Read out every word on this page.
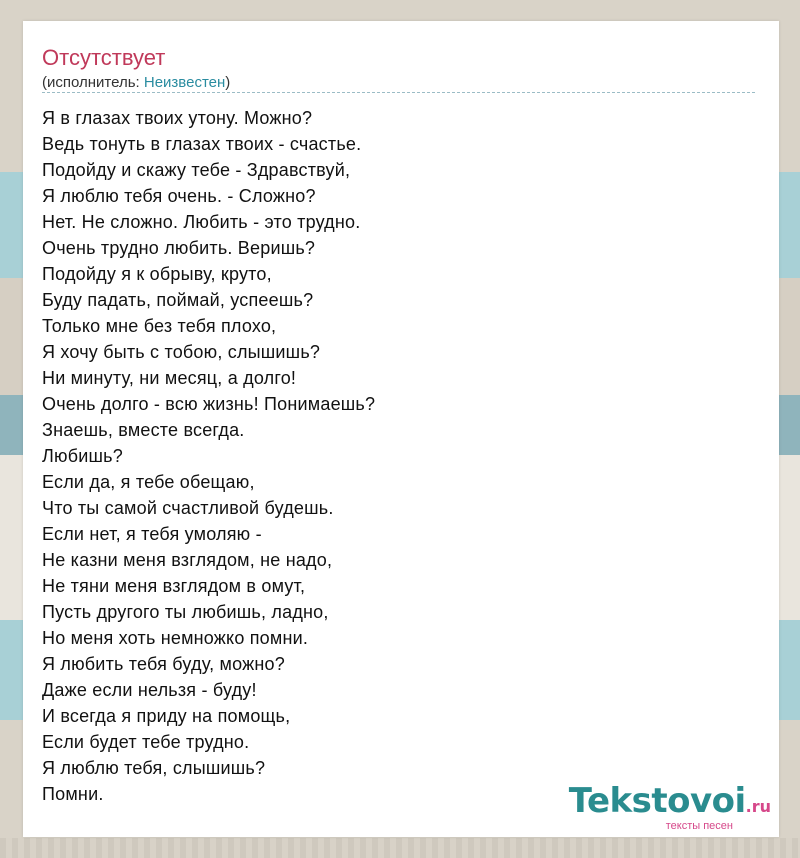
Отсутствует
(исполнитель: Неизвестен)
Я в глазах твоих утону. Можно?
Ведь тонуть в глазах твоих - счастье.
Подойду и скажу тебе - Здравствуй,
Я люблю тебя очень. - Сложно?
Нет. Не сложно. Любить - это трудно.
Очень трудно любить. Веришь?
Подойду я к обрыву, круто,
Буду падать, поймай, успеешь?
Только мне без тебя плохо,
Я хочу быть с тобою, слышишь?
Ни минуту, ни месяц, а долго!
Очень долго - всю жизнь! Понимаешь?
Знаешь, вместе всегда.
Любишь?
Если да, я тебе обещаю,
Что ты самой счастливой будешь.
Если нет, я тебя умоляю -
Не казни меня взглядом, не надо,
Не тяни меня взглядом в омут,
Пусть другого ты любишь, ладно,
Но меня хоть немножко помни.
Я любить тебя буду, можно?
Даже если нельзя - буду!
И всегда я приду на помощь,
Если будет тебе трудно.
Я люблю тебя, слышишь?
Помни.	Tekstovoi.ru
тексты песен
